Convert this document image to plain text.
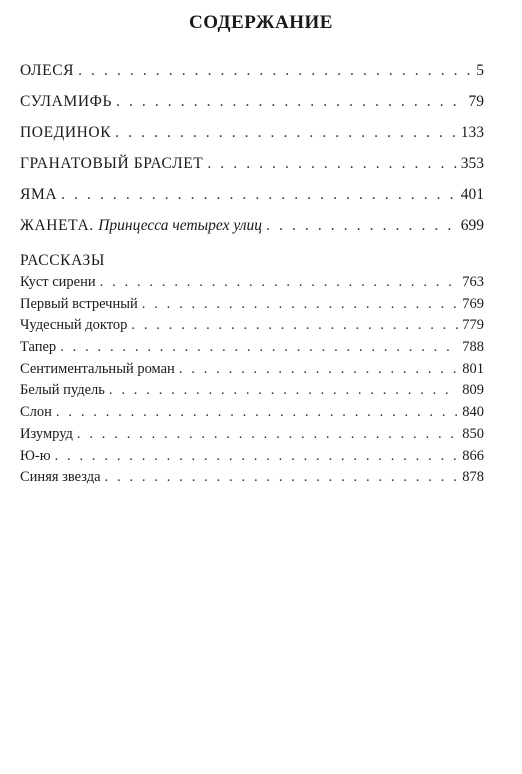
СОДЕРЖАНИЕ
ОЛЕСЯ . . .	5
СУЛАМИФЬ . . .	79
ПОЕДИНОК . . .	133
ГРАНАТОВЫЙ БРАСЛЕТ . . .	353
ЯМА . . .	401
ЖАНЕТА. Принцесса четырех улиц . . .	699
РАССКАЗЫ
Куст сирени . . .	763
Первый встречный . . .	769
Чудесный доктор . . .	779
Тапер . . .	788
Сентиментальный роман . . .	801
Белый пудель . . .	809
Слон . . .	840
Изумруд . . .	850
Ю-ю . . .	866
Синяя звезда . . .	878
